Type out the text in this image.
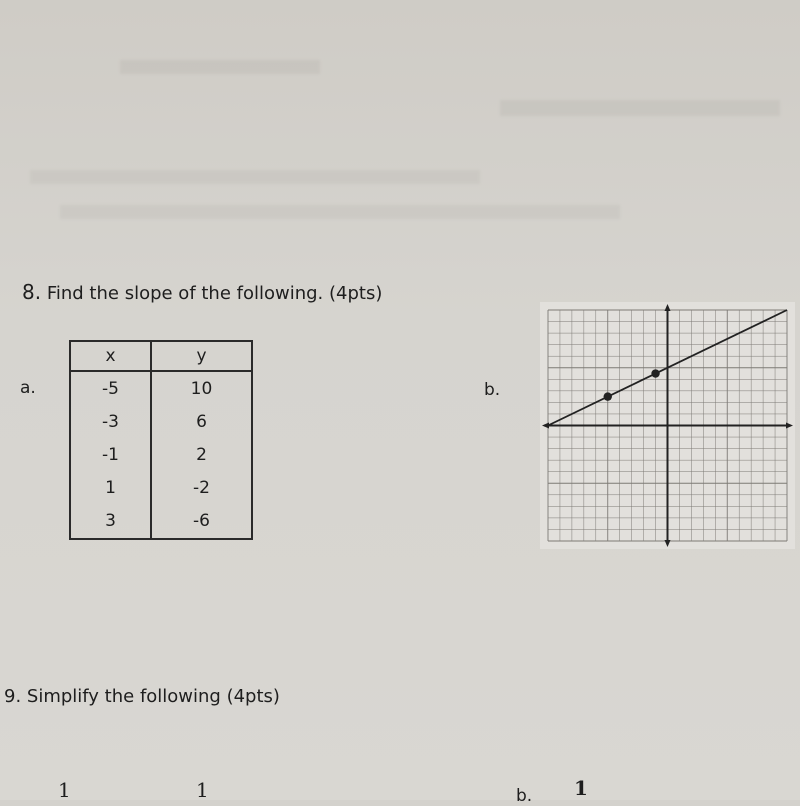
8. Find the slope of the following. (4pts)
a.	b.
x	y
-5	10
-3	6
-1	2
1	-2
3	-6
9. Simplify the following (4pts)
1	1	b. 1
